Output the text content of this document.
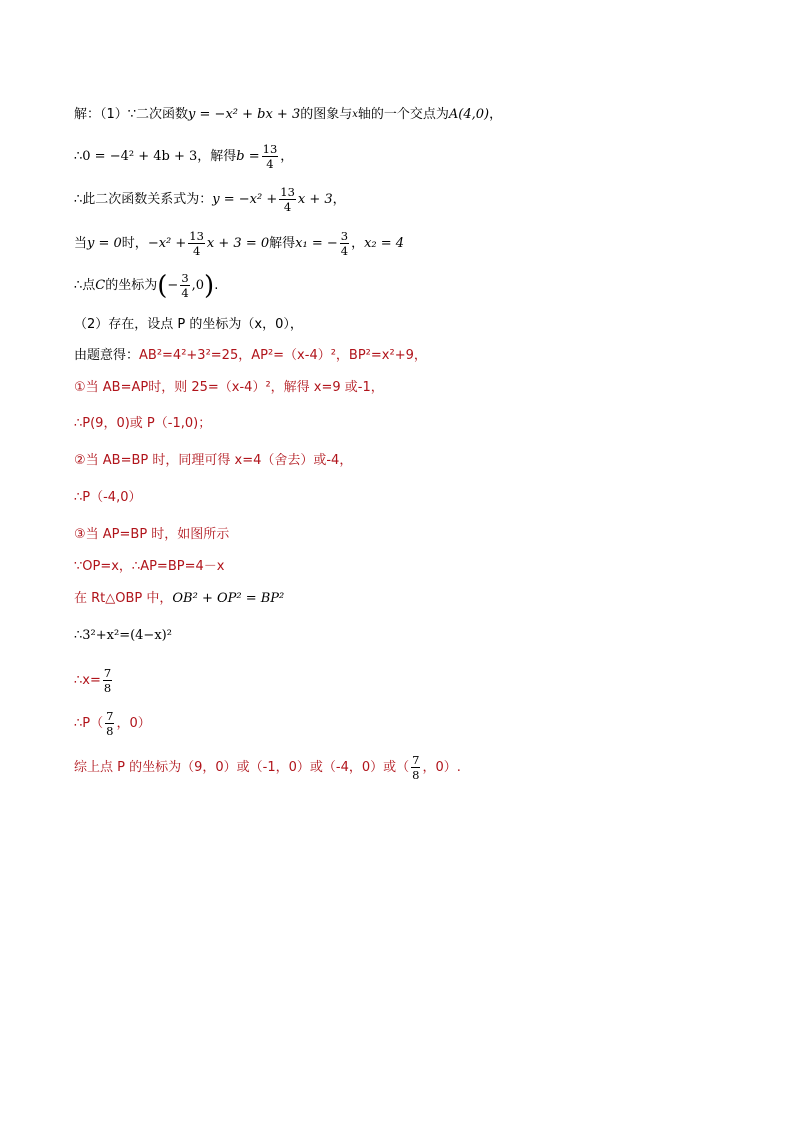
解：（1）∵二次函数 y = −x² + bx + 3 的图象与 x 轴的一个交点为 A(4,0) ，
∴ 0 = −4² + 4b + 3 ，解得 $b = \frac{13}{4}$ ，
∴此二次函数关系式为： $y = -x^2 + \frac{13}{4}$ x + 3 ，
当 y = 0 时， $-x^2 + \frac{13}{4}$ x + 3 = 0 解得 x₁ = − $\frac{3}{4}$ ， x₂ = 4
∴点 C 的坐标为 ( − $\frac{3}{4} ,0$ ) .
（2）存在，设点 P 的坐标为（x，0），
由题意得：AB²=4²+3²=25，AP²=（x-4）²，BP²=x²+9，
①当 AB=AP时，则 25=（x-4）²，解得 x=9 或-1，
∴P(9，0)或 P（-1,0)；
②当 AB=BP 时，同理可得 x=4（舍去）或-4，
∴P（-4,0）
③当 AP=BP 时，如图所示
∵OP=x，∴AP=BP=4－x
在 Rt△OBP 中， OB² + OP² = BP²
∴3²+x²=(4−x)²
∴x= $\frac{7}{8}$
∴P（ $\frac{7}{8}$ ，0）
综上点 P 的坐标为（9，0）或（-1，0）或（-4，0）或（ $\frac{7}{8}$ ，0）.
